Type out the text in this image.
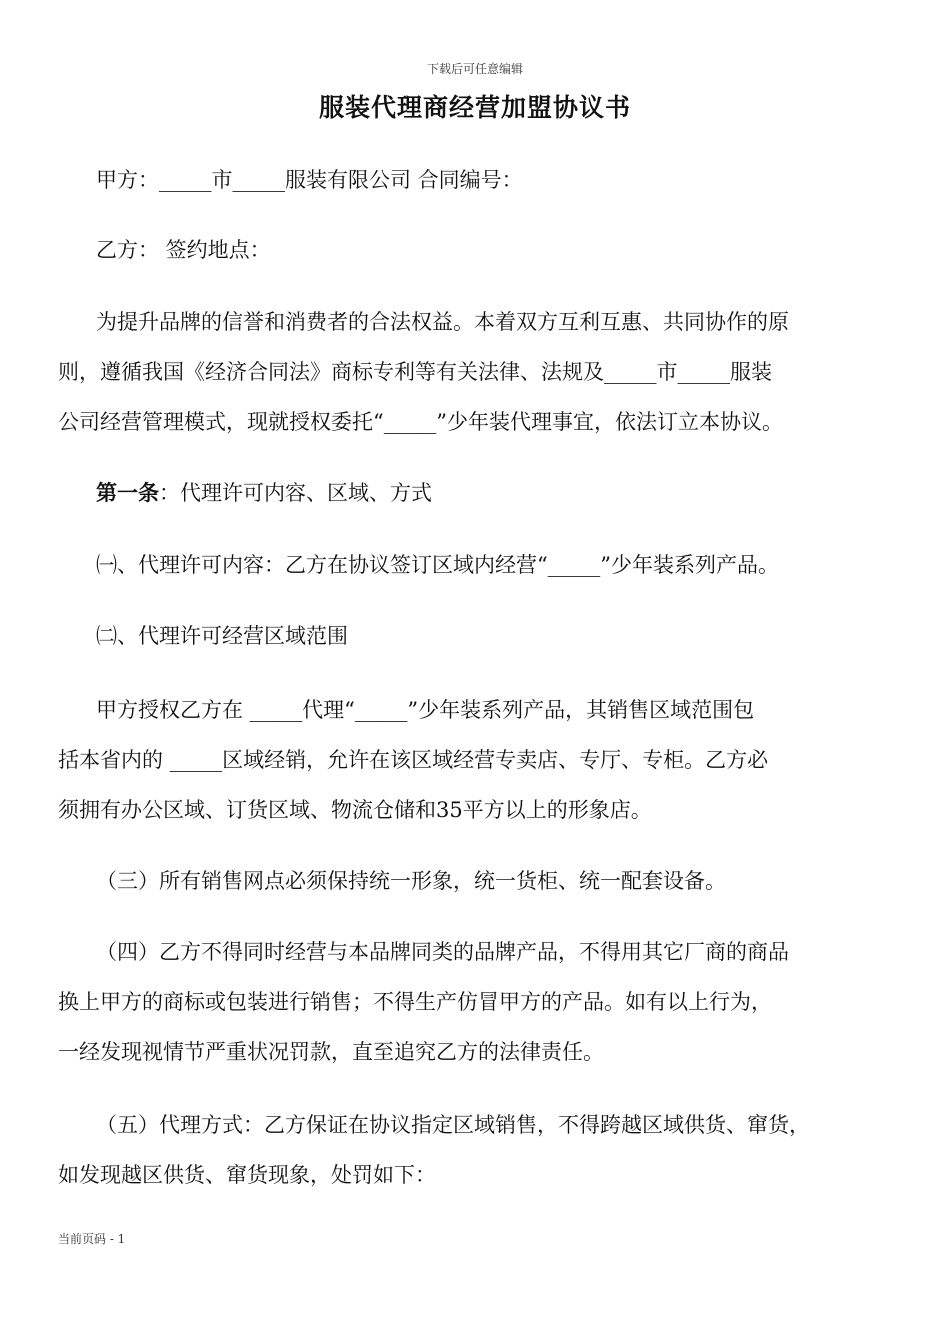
下载后可任意编辑
服装代理商经营加盟协议书

甲方：_____市_____服装有限公司 合同编号：

乙方： 签约地点：

为提升品牌的信誉和消费者的合法权益。本着双方互利互惠、共同协作的原
则，遵循我国《经济合同法》商标专利等有关法律、法规及_____市_____服装
公司经营管理模式，现就授权委托“_____”少年装代理事宜，依法订立本协议。

第一条：代理许可内容、区域、方式

㈠、代理许可内容：乙方在协议签订区域内经营“_____”少年装系列产品。

㈡、代理许可经营区域范围

甲方授权乙方在 _____代理“_____”少年装系列产品，其销售区域范围包
括本省内的 _____区域经销，允许在该区域经营专卖店、专厅、专柜。乙方必
须拥有办公区域、订货区域、物流仓储和35平方以上的形象店。

（三）所有销售网点必须保持统一形象，统一货柜、统一配套设备。

（四）乙方不得同时经营与本品牌同类的品牌产品，不得用其它厂商的商品
换上甲方的商标或包装进行销售；不得生产仿冒甲方的产品。如有以上行为，
一经发现视情节严重状况罚款，直至追究乙方的法律责任。

（五）代理方式：乙方保证在协议指定区域销售，不得跨越区域供货、窜货，
如发现越区供货、窜货现象，处罚如下：

当前页码 - 1
